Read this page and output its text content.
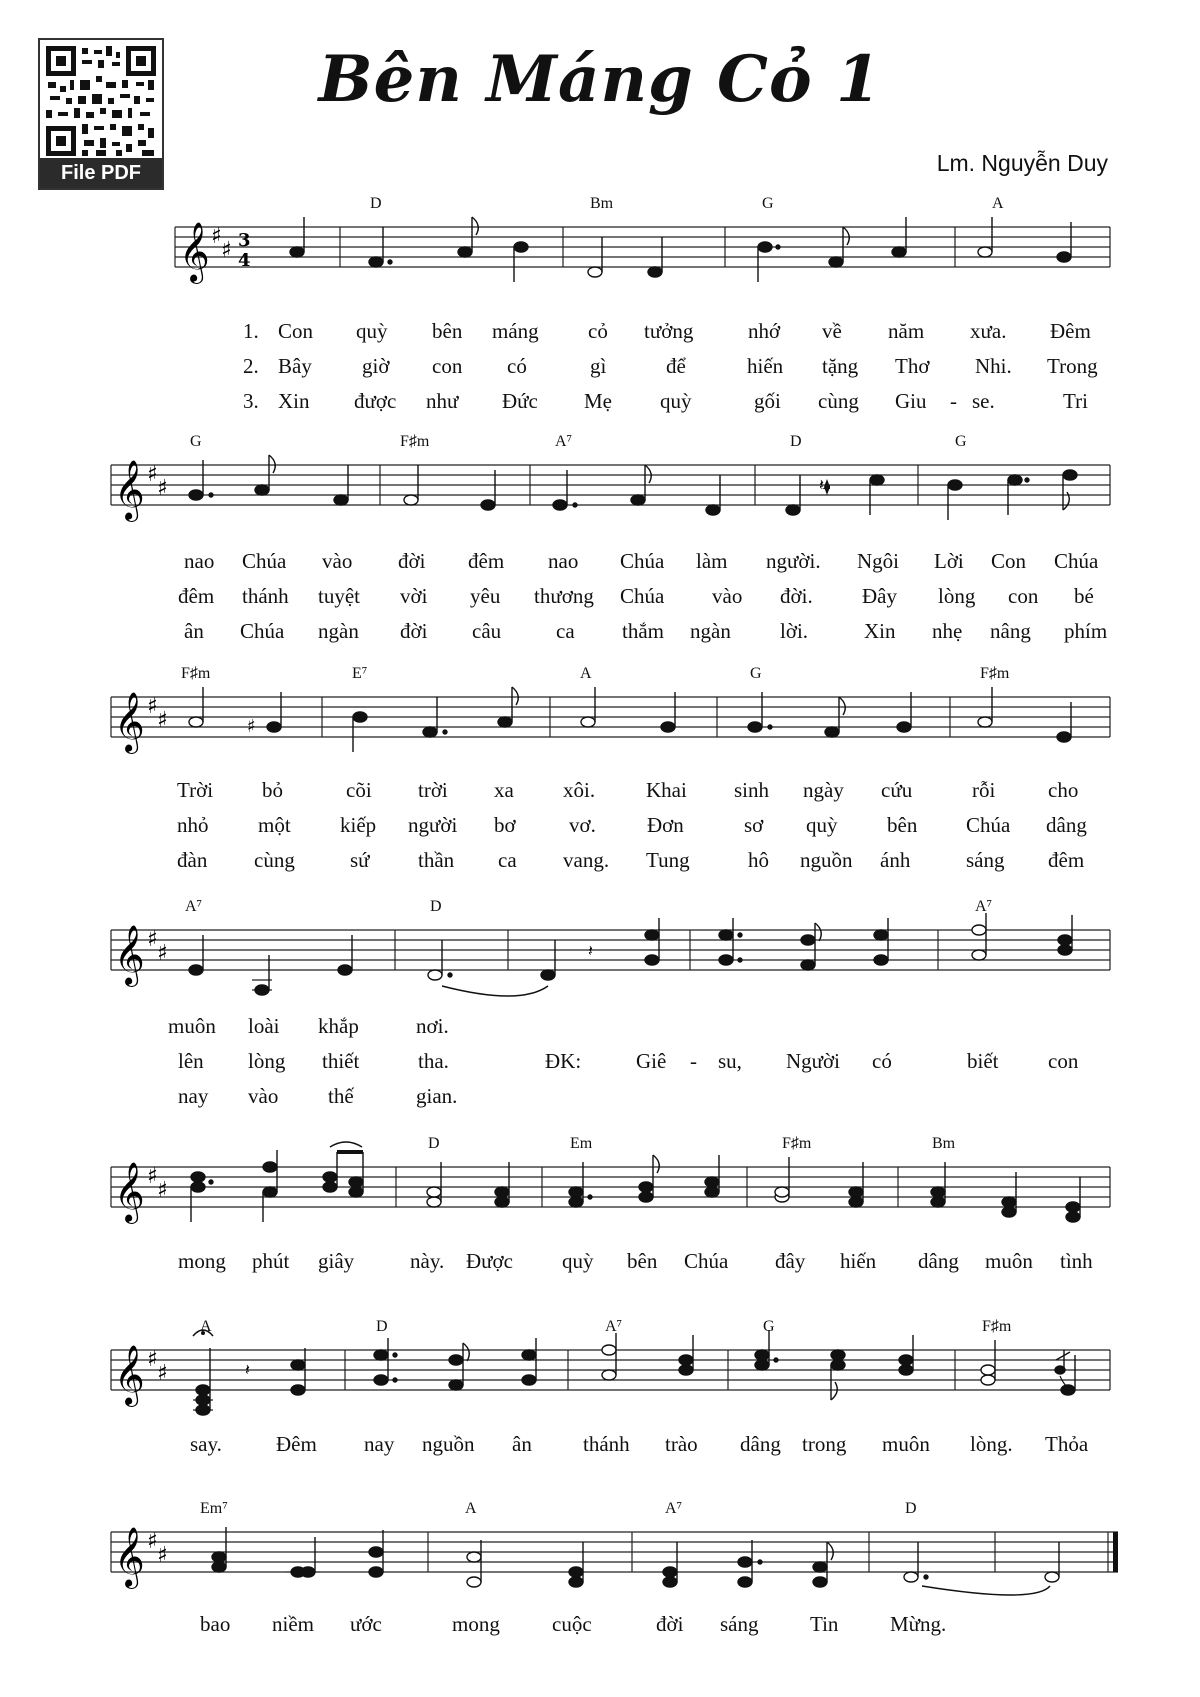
File PDF
Bên Máng Cỏ 1
Lm. Nguyễn Duy
𝄞 ♯
♯ 3
4
D	Bm	G	A
1. Con quỳ bên máng cỏ tưởng	nhớ về năm xưa. Đêm
2. Bây giờ con có	gì	để	hiến tặng Thơ Nhi. Trong
3. Xin được như Đức Mẹ quỳ	gối cùng Giu - se.	Tri
𝄞 ♯
♯	𝄽
G	F♯m	A⁷	D	G
nao Chúa vào đời đêm nao Chúa làm người. Ngôi Lời Con Chúa
đêm thánh tuyệt vời yêu thương Chúa vào đời. Đây lòng con bé
ân Chúa ngàn đời câu	ca thắm ngàn lời.	Xin nhẹ nâng phím
𝄞 ♯
♯	♯
F♯m	E⁷	A	G	F♯m
Trời bỏ	cõi trời xa xôi. Khai sinh ngày cứu	rỗi	cho
nhỏ một kiếp người bơ	vơ. Đơn	sơ quỳ bên Chúa dâng
đàn cùng	sứ thần ca vang. Tung	hô nguồn ánh	sáng đêm
𝄞 ♯
♯	𝄽
A⁷	D	A⁷
muôn loài khắp	nơi.
lên lòng thiết	tha.	ĐK:	Giê - su, Người có	biết con
nay vào thế	gian.
𝄞 ♯
♯
D	Em	F♯m	Bm
mong phút giây	này. Được quỳ bên Chúa đây hiến dâng muôn tình
𝄞 ♯
♯	𝄽
A	D	A⁷	G	F♯m
say.	Đêm nay nguồn ân thánh trào dâng trong muôn lòng. Thỏa
𝄞 ♯
♯
Em⁷	A	A⁷	D
bao niềm ước	mong cuộc	đời sáng Tin Mừng.
